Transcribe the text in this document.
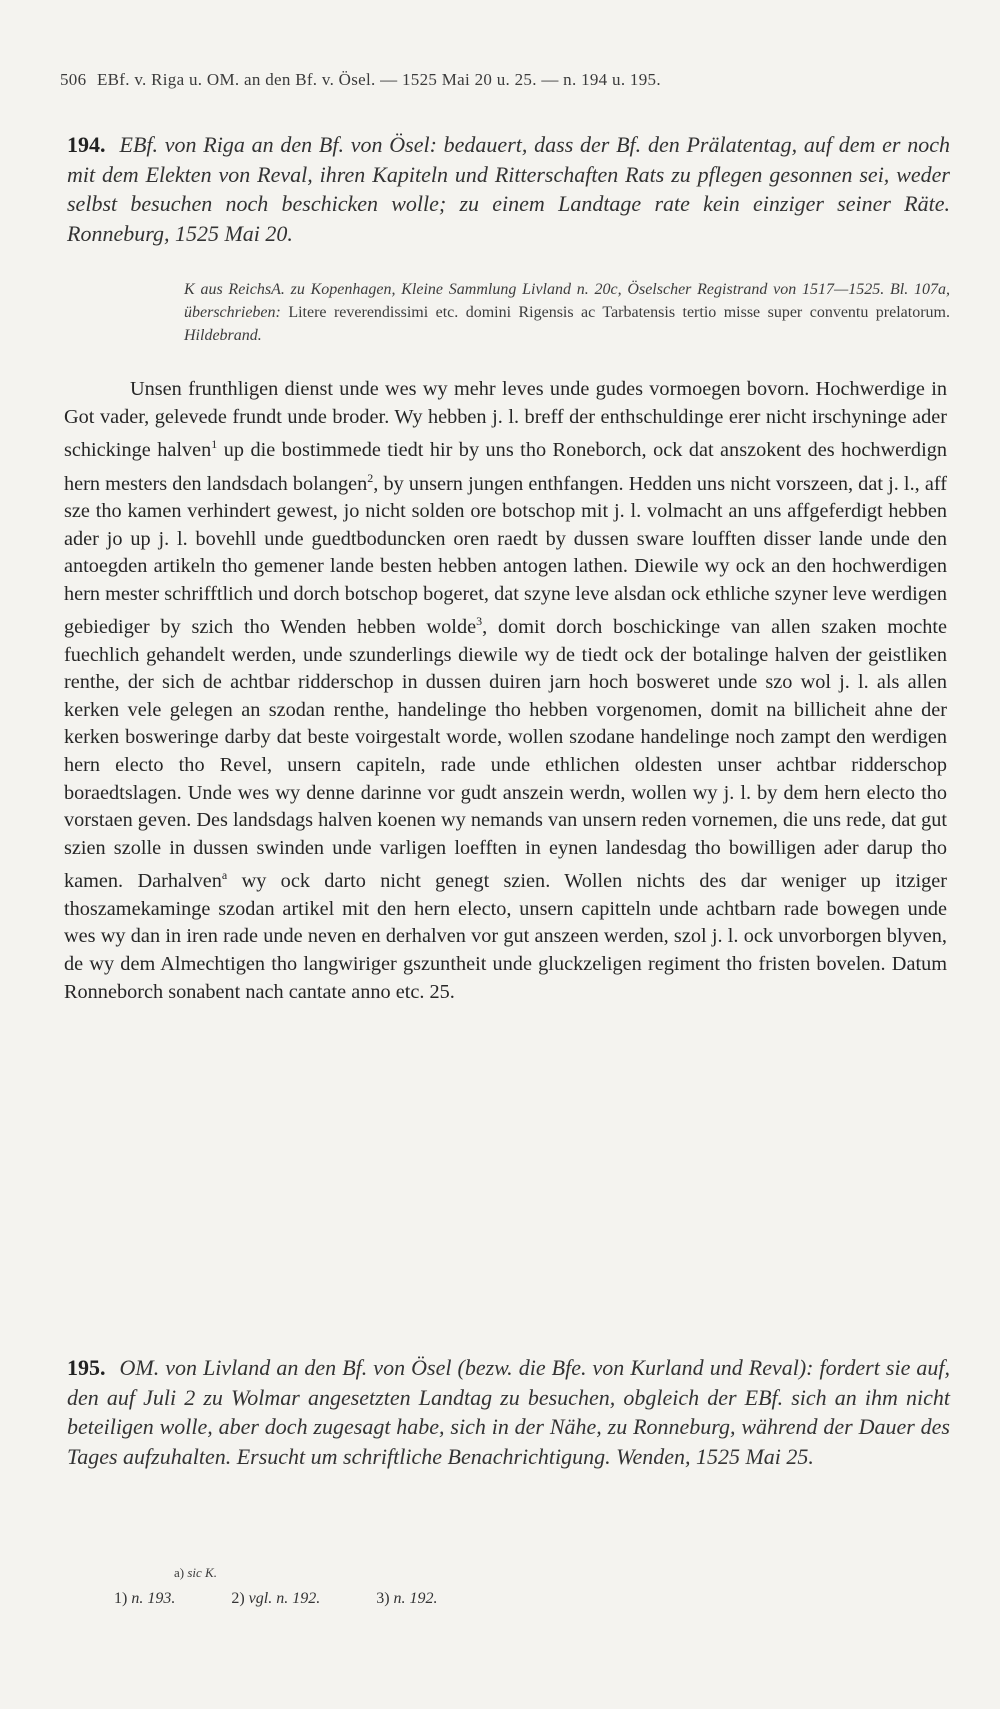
506 EBf. v. Riga u. OM. an den Bf. v. Ösel. — 1525 Mai 20 u. 25. — n. 194 u. 195.
194. EBf. von Riga an den Bf. von Ösel: bedauert, dass der Bf. den Prälatentag, auf dem er noch mit dem Elekten von Reval, ihren Kapiteln und Ritterschaften Rats zu pflegen gesonnen sei, weder selbst besuchen noch beschicken wolle; zu einem Landtage rate kein einziger seiner Räte. Ronneburg, 1525 Mai 20.
K aus ReichsA. zu Kopenhagen, Kleine Sammlung Livland n. 20c, Öselscher Registrand von 1517—1525. Bl. 107a, überschrieben: Litere reverendissimi etc. domini Rigensis ac Tarbatensis tertio misse super conventu prelatorum. Hildebrand.

Unsen frunthligen dienst unde wes wy mehr leves unde gudes vormoegen bovorn. Hochwerdige in Got vader, gelevede frundt unde broder. Wy hebben j. l. breff der enthschuldinge erer nicht irschyninge ader schickinge halven$^1$ up die bostimmede tiedt hir by uns tho Roneborch, ock dat anszokent des hochwerdign hern mesters den landsdach bolangen$^2$, by unsern jungen enthfangen. Hedden uns nicht vorszeen, dat j. l., aff sze tho kamen verhindert gewest, jo nicht solden ore botschop mit j. l. volmacht an uns affgeferdigt hebben ader jo up j. l. bovehll unde guedtboduncken oren raedt by dussen sware loufften disser lande unde den antoegden artikeln tho gemener lande besten hebben antogen lathen. Diewile wy ock an den hochwerdigen hern mester schrifftlich und dorch botschop bogeret, dat szyne leve alsdan ock ethliche szyner leve werdigen gebiediger by szich tho Wenden hebben wolde$^3$, domit dorch boschickinge van allen szaken mochte fuechlich gehandelt werden, unde szunderlings diewile wy de tiedt ock der botalinge halven der geistliken renthe, der sich de achtbar ridderschop in dussen duiren jarn hoch bosweret unde szo wol j. l. als allen kerken vele gelegen an szodan renthe, handelinge tho hebben vorgenomen, domit na billicheit ahne der kerken bosweringe darby dat beste voirgestalt worde, wollen szodane handelinge noch zampt den werdigen hern electo tho Revel, unsern capiteln, rade unde ethlichen oldesten unser achtbar ridderschop boraedtslagen. Unde wes wy denne darinne vor gudt anszein werdn, wollen wy j. l. by dem hern electo tho vorstaen geven. Des landsdags halven koenen wy nemands van unsern reden vornemen, die uns rede, dat gut szien szolle in dussen swinden unde varligen loefften in eynen landesdag tho bowilligen ader darup tho kamen. Darhalven$^a$ wy ock darto nicht genegt szien. Wollen nichts des dar weniger up itziger thoszamekaminge szodan artikel mit den hern electo, unsern capitteln unde achtbarn rade bowegen unde wes wy dan in iren rade unde neven en derhalven vor gut anszeen werden, szol j. l. ock unvorborgen blyven, de wy dem Almechtigen tho langwiriger gszuntheit unde gluckzeligen regiment tho fristen bovelen. Datum Ronneborch sonabent nach cantate anno etc. 25.

195. OM. von Livland an den Bf. von Ösel (bezw. die Bfe. von Kurland und Reval): fordert sie auf, den auf Juli 2 zu Wolmar angesetzten Landtag zu besuchen, obgleich der EBf. sich an ihm nicht beteiligen wolle, aber doch zugesagt habe, sich in der Nähe, zu Ronneburg, während der Dauer des Tages aufzuhalten. Ersucht um schriftliche Benachrichtigung. Wenden, 1525 Mai 25.
a) sic K.
1) n. 193.	2) vgl. n. 192.	3) n. 192.
